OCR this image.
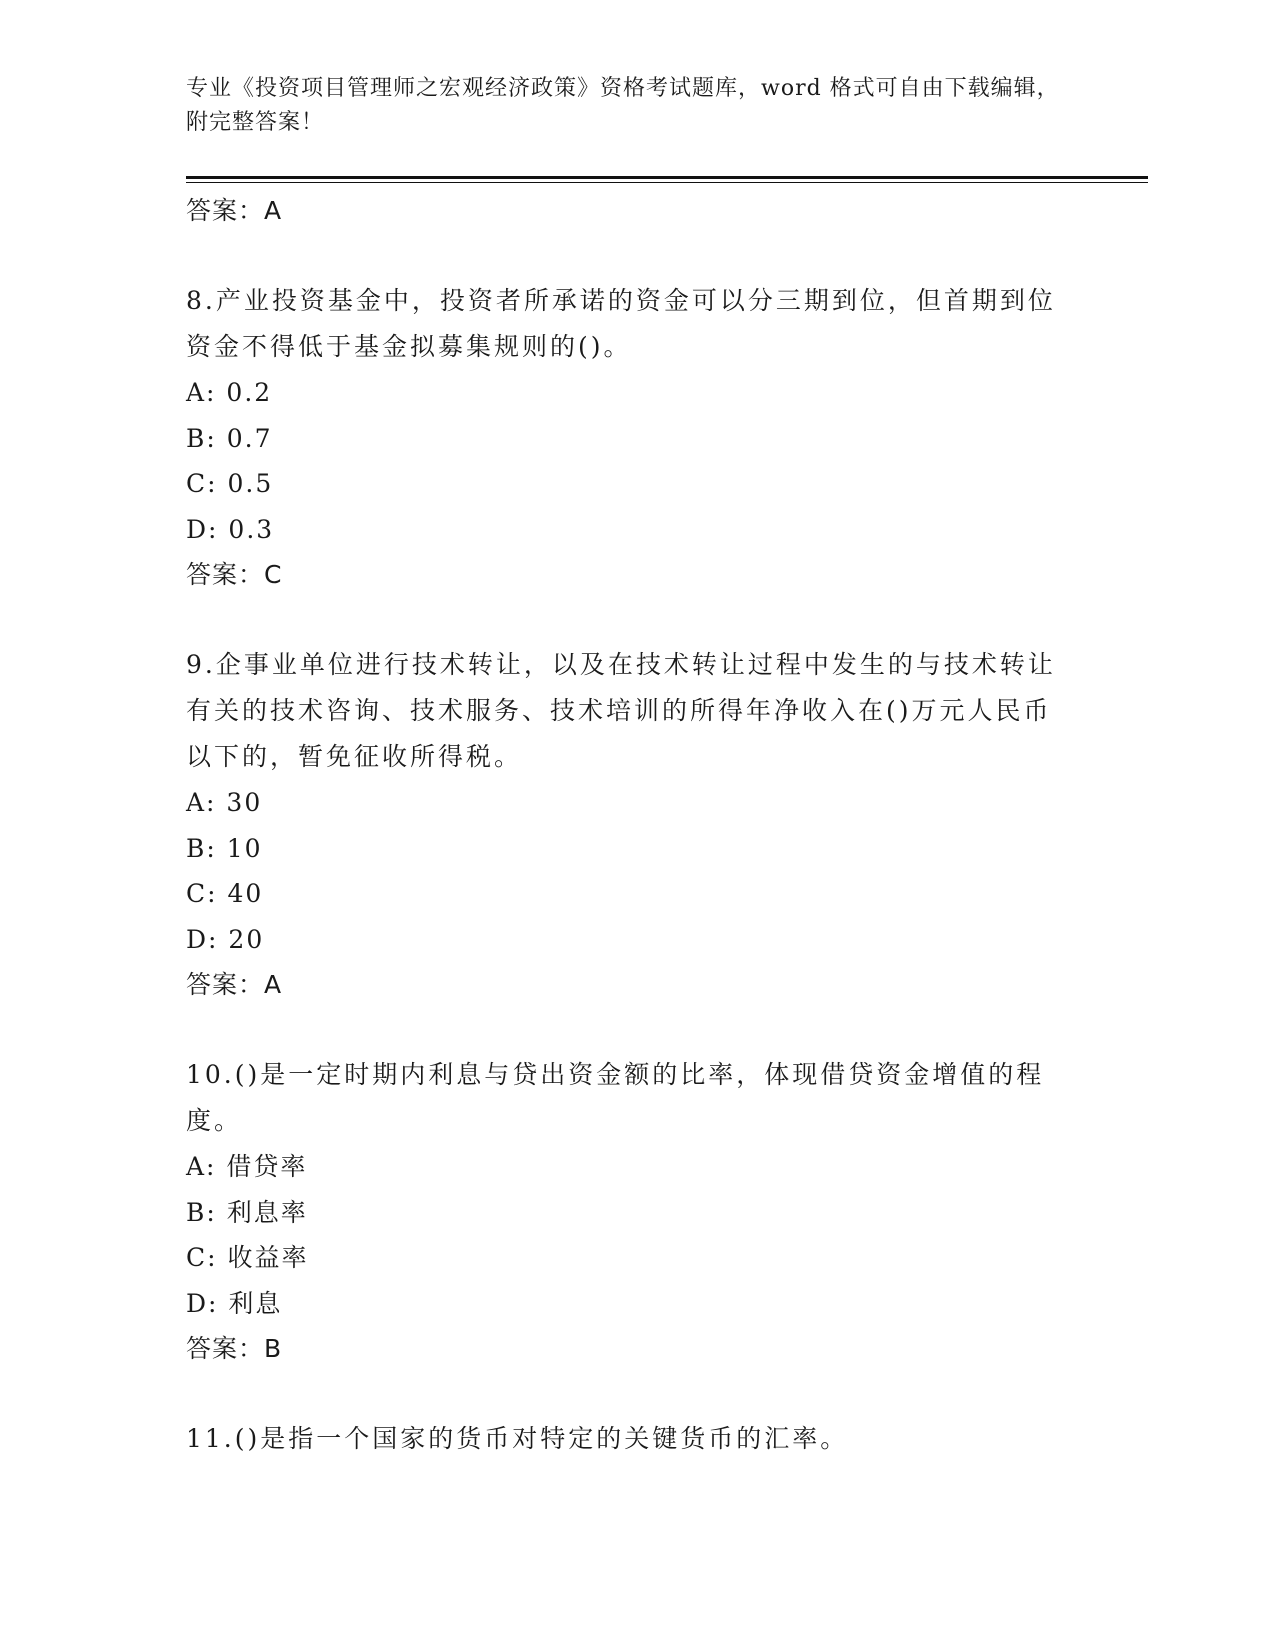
专业《投资项目管理师之宏观经济政策》资格考试题库，word 格式可自由下载编辑，附完整答案！
答案：A
8.产业投资基金中，投资者所承诺的资金可以分三期到位，但首期到位资金不得低于基金拟募集规则的()。
A: 0.2
B: 0.7
C: 0.5
D: 0.3
答案：C
9.企事业单位进行技术转让，以及在技术转让过程中发生的与技术转让有关的技术咨询、技术服务、技术培训的所得年净收入在()万元人民币以下的，暂免征收所得税。
A: 30
B: 10
C: 40
D: 20
答案：A
10.()是一定时期内利息与贷出资金额的比率，体现借贷资金增值的程度。
A: 借贷率
B: 利息率
C: 收益率
D: 利息
答案：B
11.()是指一个国家的货币对特定的关键货币的汇率。
